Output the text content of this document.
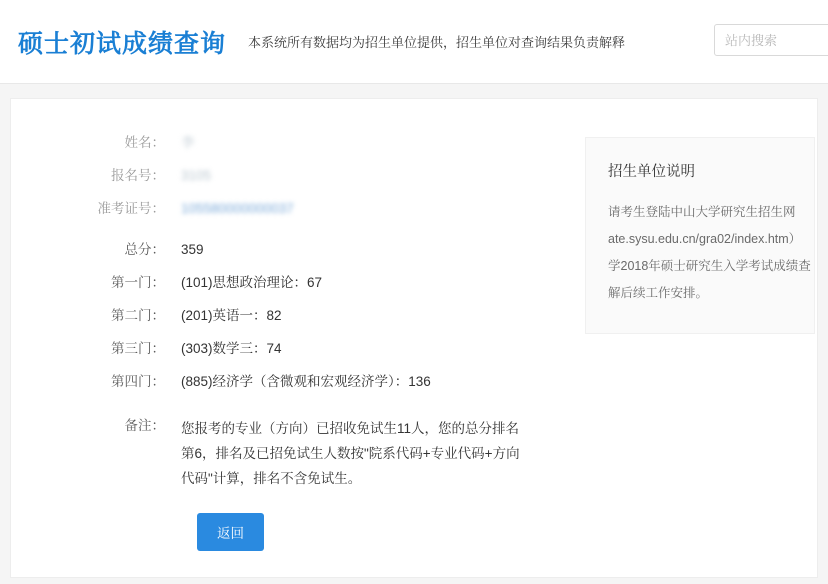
硕士初试成绩查询 本系统所有数据均为招生单位提供，招生单位对查询结果负责解释
站内搜索
姓名：	李
报名号：	3105
准考证号：	105580000000037
总分：	359
第一门：	(101)思想政治理论：67
第二门：	(201)英语一：82
第三门：	(303)数学三：74
第四门：	(885)经济学（含微观和宏观经济学）：136
备注：	您报考的专业（方向）已招收免试生11人，您的总分排名第6，排名及已招免试生人数按"院系代码+专业代码+方向代码"计算，排名不含免试生。
返回
招生单位说明
请考生登陆中山大学研究生招生网
ate.sysu.edu.cn/gra02/index.htm）
学2018年硕士研究生入学考试成绩查
解后续工作安排。
